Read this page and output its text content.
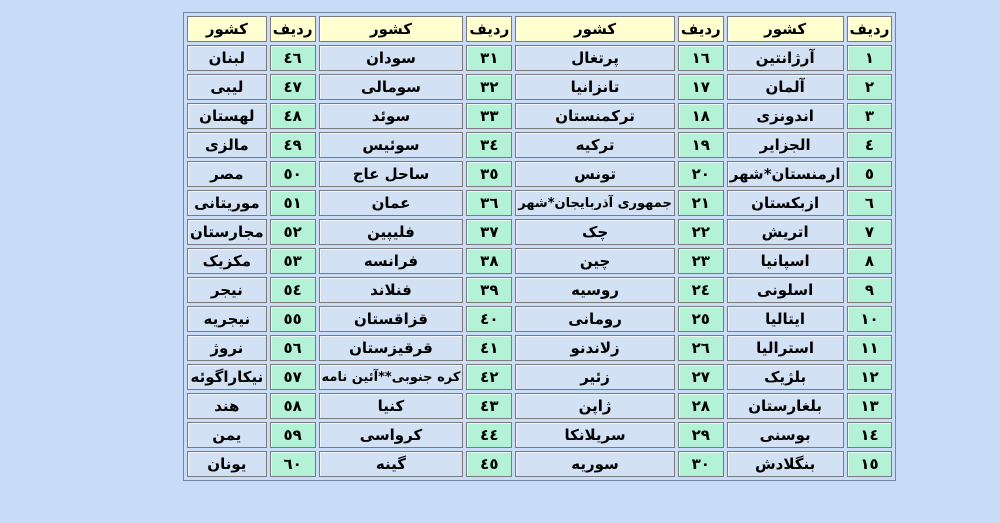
ردیف	کشور	ردیف	کشور	ردیف	کشور	ردیف	کشور
١	آرژانتین	١٦	پرتغال	٣١	سودان	٤٦	لبنان
٢	آلمان	١٧	تانزانیا	٣٢	سومالی	٤٧	لیبی
٣	اندونزی	١٨	ترکمنستان	٣٣	سوئد	٤٨	لهستان
٤	الجزایر	١٩	ترکیه	٣٤	سوئیس	٤٩	مالزی
٥	ارمنستان*شهر	٢٠	تونس	٣٥	ساحل عاج	٥٠	مصر
٦	ازبکستان	٢١	جمهوری آذربایجان*شهر	٣٦	عمان	٥١	موریتانی
٧	اتریش	٢٢	چک	٣٧	فلیپین	٥٢	مجارستان
٨	اسپانیا	٢٣	چین	٣٨	فرانسه	٥٣	مکزیک
٩	اسلونی	٢٤	روسیه	٣٩	فنلاند	٥٤	نیجر
١٠	ایتالیا	٢٥	رومانی	٤٠	قزاقستان	٥٥	نیجریه
١١	استرالیا	٢٦	زلاندنو	٤١	قرقیزستان	٥٦	نروژ
١٢	بلژیک	٢٧	زئیر	٤٢	کره جنوبی**آئین نامه	٥٧	نیکاراگوئه
١٣	بلغارستان	٢٨	ژاپن	٤٣	کنیا	٥٨	هند
١٤	بوسنی	٢٩	سریلانکا	٤٤	کرواسی	٥٩	یمن
١٥	بنگلادش	٣٠	سوریه	٤٥	گینه	٦٠	یونان
